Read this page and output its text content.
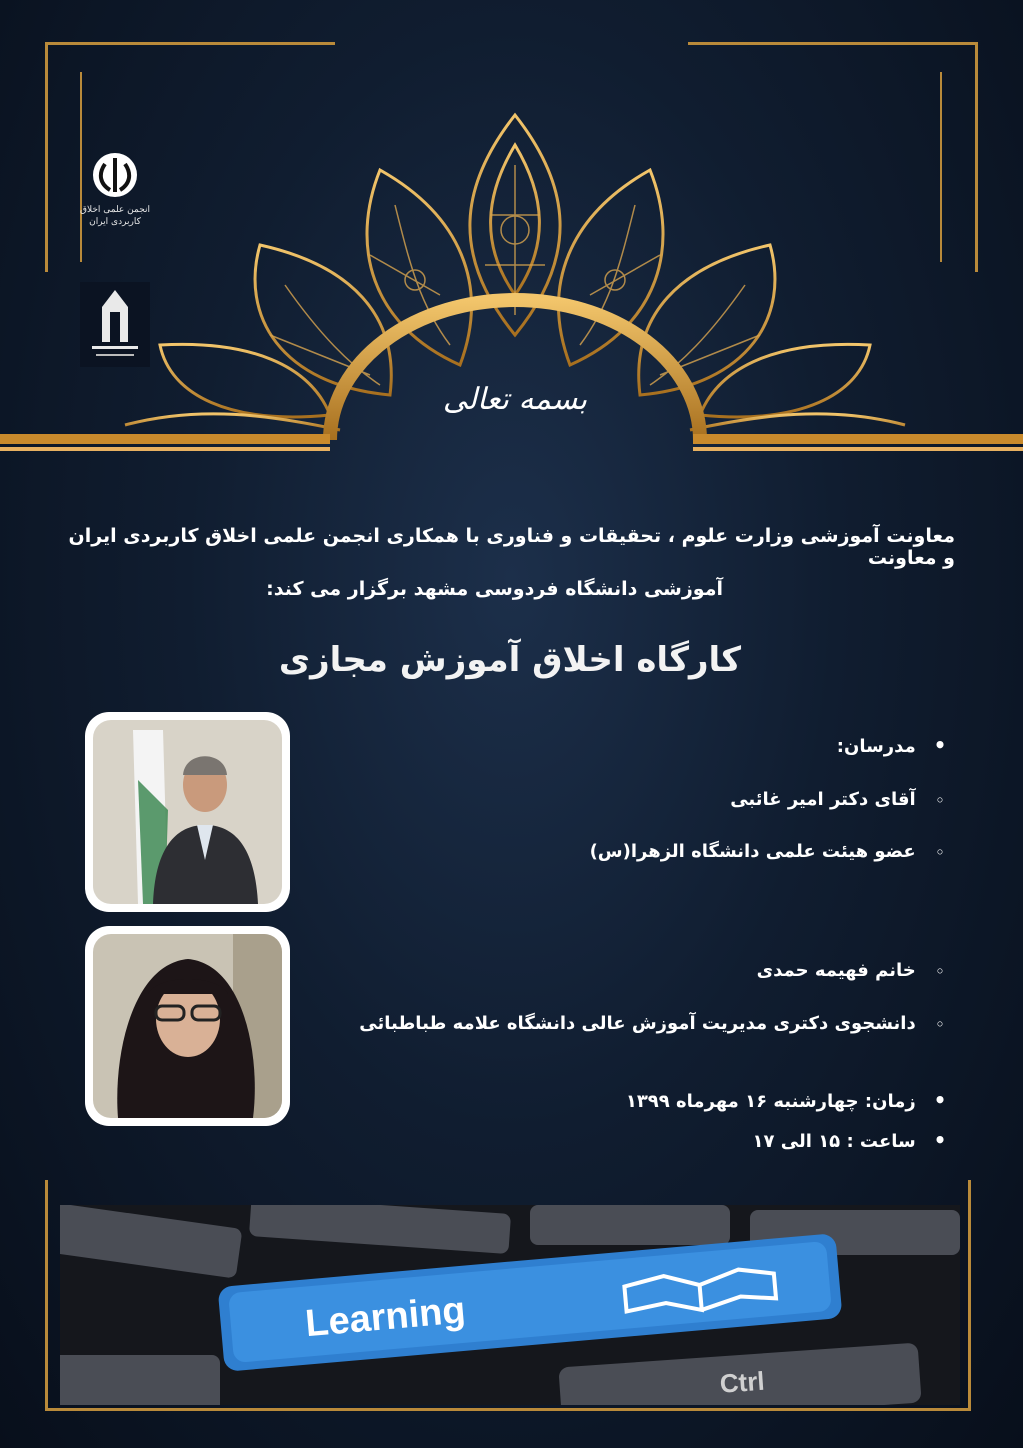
انجمن علمی اخلاق کاربردی ایران
بسمه تعالی
معاونت آموزشی وزارت علوم ، تحقیقات و فناوری با همکاری انجمن علمی اخلاق کاربردی ایران و معاونت
آموزشی دانشگاه فردوسی مشهد برگزار می کند:
کارگاه اخلاق آموزش مجازی
• مدرسان:
◦ آقای دکتر امیر غائبی
◦ عضو هیئت علمی دانشگاه الزهرا(س)
◦ خانم فهیمه حمدی
◦ دانشجوی دکتری مدیریت آموزش عالی دانشگاه علامه طباطبائی
• زمان: چهارشنبه ۱۶ مهرماه ۱۳۹۹
• ساعت : ۱۵ الی ۱۷
Learning
Ctrl
